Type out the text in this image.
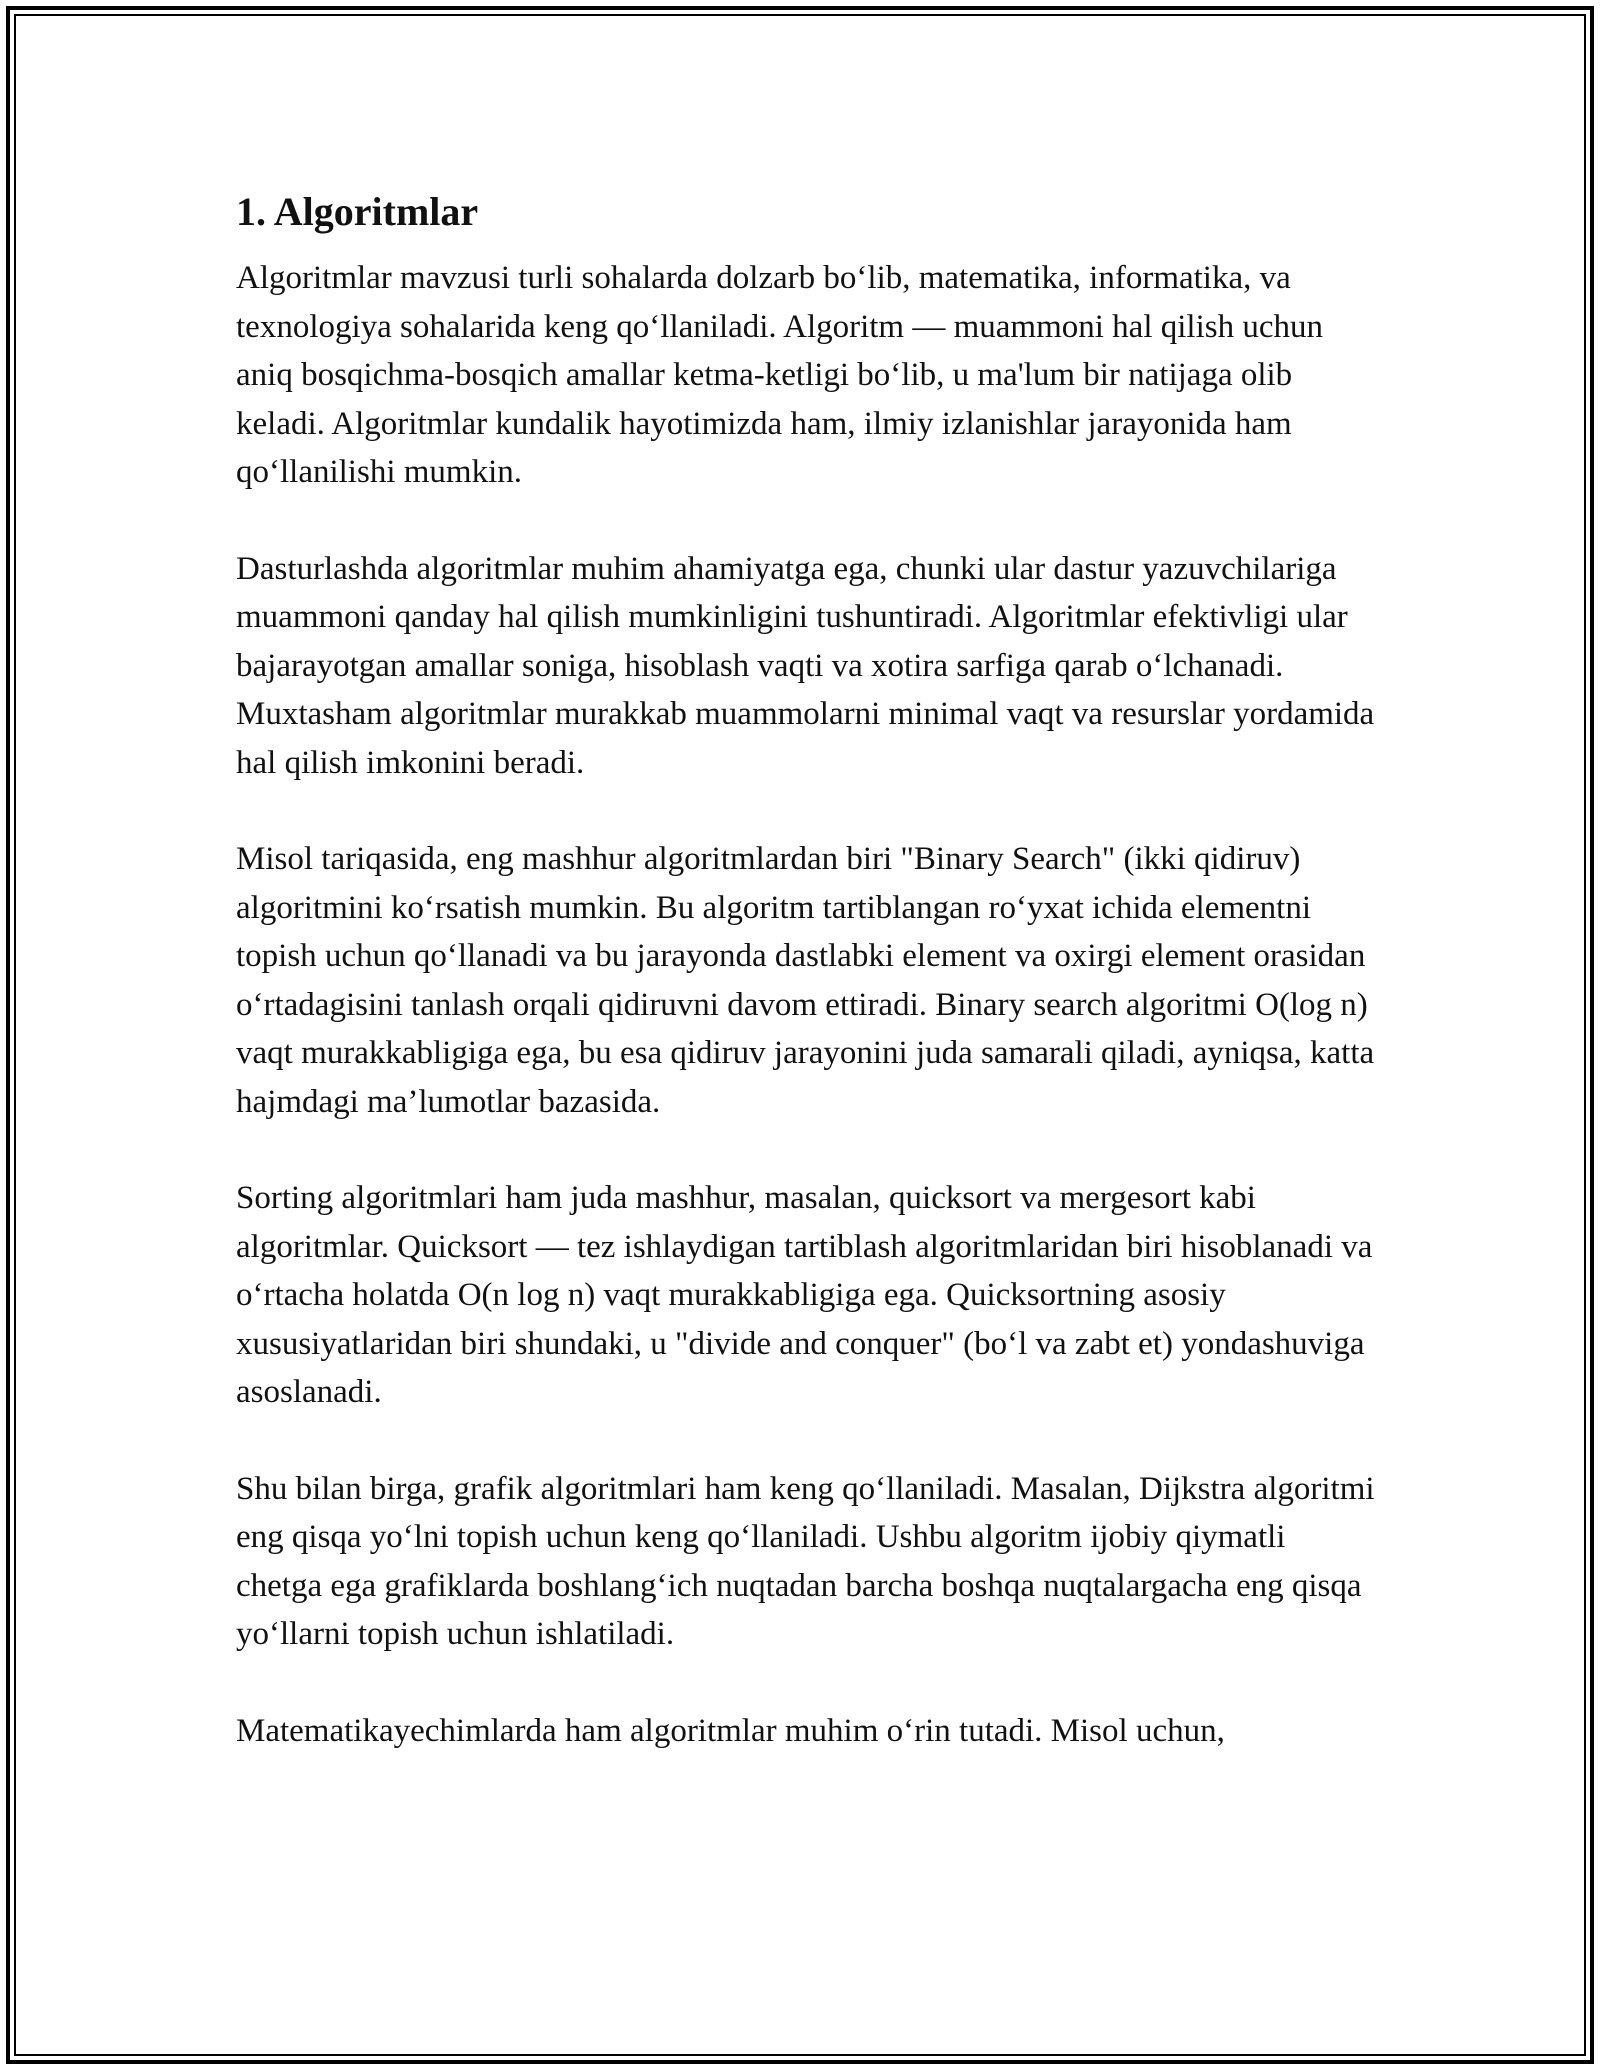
1. Algoritmlar

Algoritmlar mavzusi turli sohalarda dolzarb bo‘lib, matematika, informatika, va texnologiya sohalarida keng qo‘llaniladi. Algoritm — muammoni hal qilish uchun aniq bosqichma-bosqich amallar ketma-ketligi bo‘lib, u ma'lum bir natijaga olib keladi. Algoritmlar kundalik hayotimizda ham, ilmiy izlanishlar jarayonida ham qo‘llanilishi mumkin.

Dasturlashda algoritmlar muhim ahamiyatga ega, chunki ular dastur yazuvchilariga muammoni qanday hal qilish mumkinligini tushuntiradi. Algoritmlar efektivligi ular bajarayotgan amallar soniga, hisoblash vaqti va xotira sarfiga qarab o‘lchanadi. Muxtasham algoritmlar murakkab muammolarni minimal vaqt va resurslar yordamida hal qilish imkonini beradi.

Misol tariqasida, eng mashhur algoritmlardan biri "Binary Search" (ikki qidiruv) algoritmini ko‘rsatish mumkin. Bu algoritm tartiblangan ro‘yxat ichida elementni topish uchun qo‘llanadi va bu jarayonda dastlabki element va oxirgi element orasidan o‘rtadagisini tanlash orqali qidiruvni davom ettiradi. Binary search algoritmi O(log n) vaqt murakkabligiga ega, bu esa qidiruv jarayonini juda samarali qiladi, ayniqsa, katta hajmdagi ma’lumotlar bazasida.

Sorting algoritmlari ham juda mashhur, masalan, quicksort va mergesort kabi algoritmlar. Quicksort — tez ishlaydigan tartiblash algoritmlaridan biri hisoblanadi va o‘rtacha holatda O(n log n) vaqt murakkabligiga ega. Quicksortning asosiy xususiyatlaridan biri shundaki, u "divide and conquer" (bo‘l va zabt et) yondashuviga asoslanadi.

Shu bilan birga, grafik algoritmlari ham keng qo‘llaniladi. Masalan, Dijkstra algoritmi eng qisqa yo‘lni topish uchun keng qo‘llaniladi. Ushbu algoritm ijobiy qiymatli chetga ega grafiklarda boshlang‘ich nuqtadan barcha boshqa nuqtalargacha eng qisqa yo‘llarni topish uchun ishlatiladi.

Matematikayechimlarda ham algoritmlar muhim o‘rin tutadi. Misol uchun,
